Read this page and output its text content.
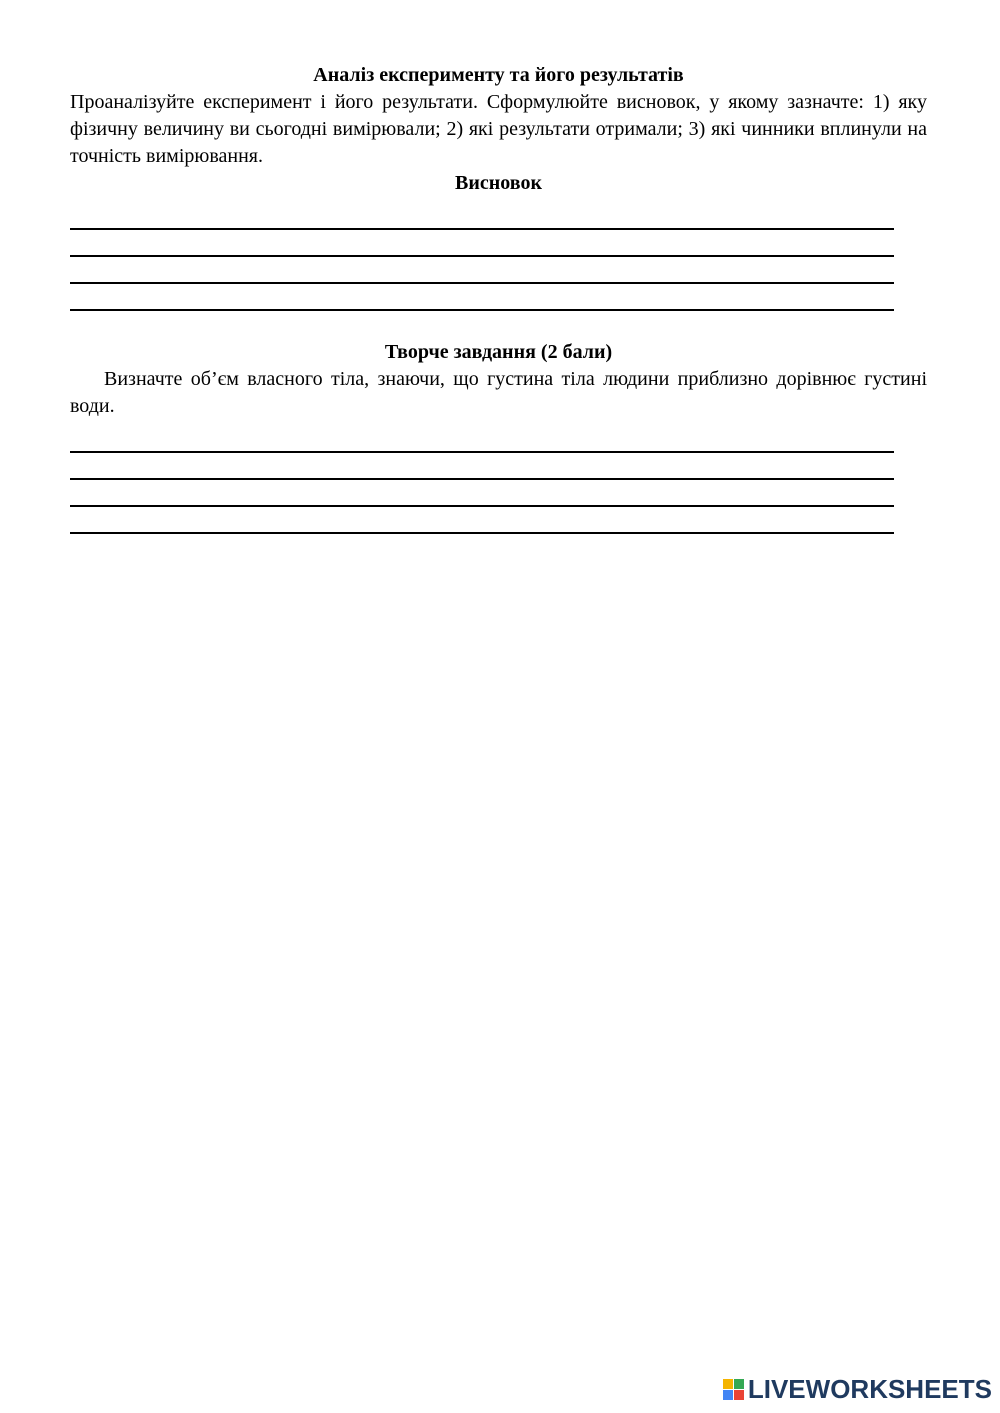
Аналіз експерименту та його результатів

Проаналізуйте експеримент і його результати. Сформулюйте висновок, у якому зазначте: 1) яку фізичну величину ви сьогодні вимірювали; 2) які результати отримали; 3) які чинники вплинули на точність вимірювання.

Висновок
Творче завдання (2 бали)

Визначте об’єм власного тіла, знаючи, що густина тіла людини приблизно дорівнює густині води.

LIVEWORKSHEETS
